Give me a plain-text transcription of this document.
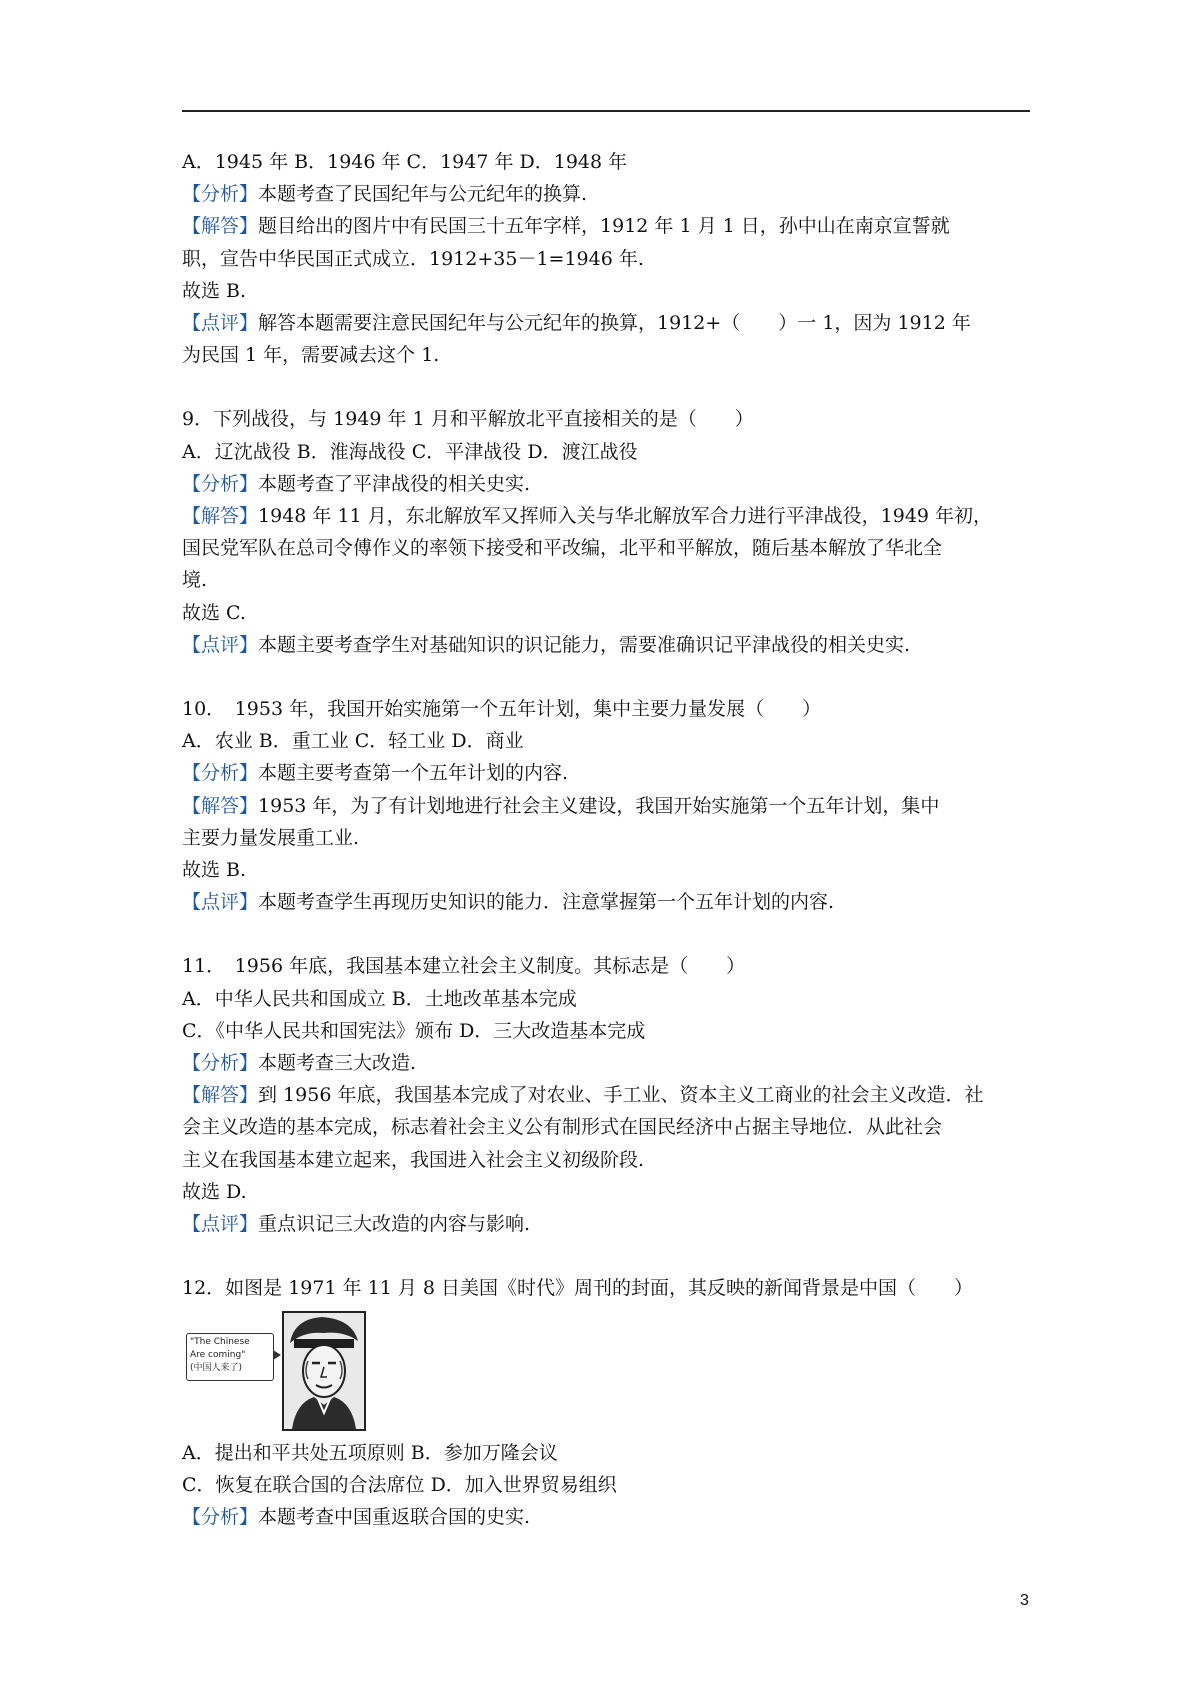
A．1945 年 B．1946 年 C．1947 年 D．1948 年
【分析】本题考查了民国纪年与公元纪年的换算.
【解答】题目给出的图片中有民国三十五年字样，1912 年 1 月 1 日，孙中山在南京宣誓就
职，宣告中华民国正式成立．1912+35－1=1946 年.
故选 B.
【点评】解答本题需要注意民国纪年与公元纪年的换算，1912+（　　）一 1，因为 1912 年
为民国 1 年，需要减去这个 1.
9．下列战役，与 1949 年 1 月和平解放北平直接相关的是（　　）
A．辽沈战役 B．淮海战役 C．平津战役 D．渡江战役
【分析】本题考查了平津战役的相关史实.
【解答】1948 年 11 月，东北解放军又挥师入关与华北解放军合力进行平津战役，1949 年初，
国民党军队在总司令傅作义的率领下接受和平改编，北平和平解放，随后基本解放了华北全
境.
故选 C.
【点评】本题主要考查学生对基础知识的识记能力，需要准确识记平津战役的相关史实.
10．　1953 年，我国开始实施第一个五年计划，集中主要力量发展（　　）
A．农业 B．重工业 C．轻工业 D．商业
【分析】本题主要考查第一个五年计划的内容.
【解答】1953 年，为了有计划地进行社会主义建设，我国开始实施第一个五年计划，集中
主要力量发展重工业.
故选 B.
【点评】本题考查学生再现历史知识的能力．注意掌握第一个五年计划的内容.
11．　1956 年底，我国基本建立社会主义制度。其标志是（　　）
A．中华人民共和国成立 B．土地改革基本完成
C．《中华人民共和国宪法》颁布 D．三大改造基本完成
【分析】本题考查三大改造.
【解答】到 1956 年底，我国基本完成了对农业、手工业、资本主义工商业的社会主义改造．社
会主义改造的基本完成，标志着社会主义公有制形式在国民经济中占据主导地位．从此社会
主义在我国基本建立起来，我国进入社会主义初级阶段.
故选 D.
【点评】重点识记三大改造的内容与影响.
12．如图是 1971 年 11 月 8 日美国《时代》周刊的封面，其反映的新闻背景是中国（　　）
"The Chinese
Are coming"
(中国人来了)
A．提出和平共处五项原则 B．参加万隆会议
C．恢复在联合国的合法席位 D．加入世界贸易组织
【分析】本题考查中国重返联合国的史实.
3
